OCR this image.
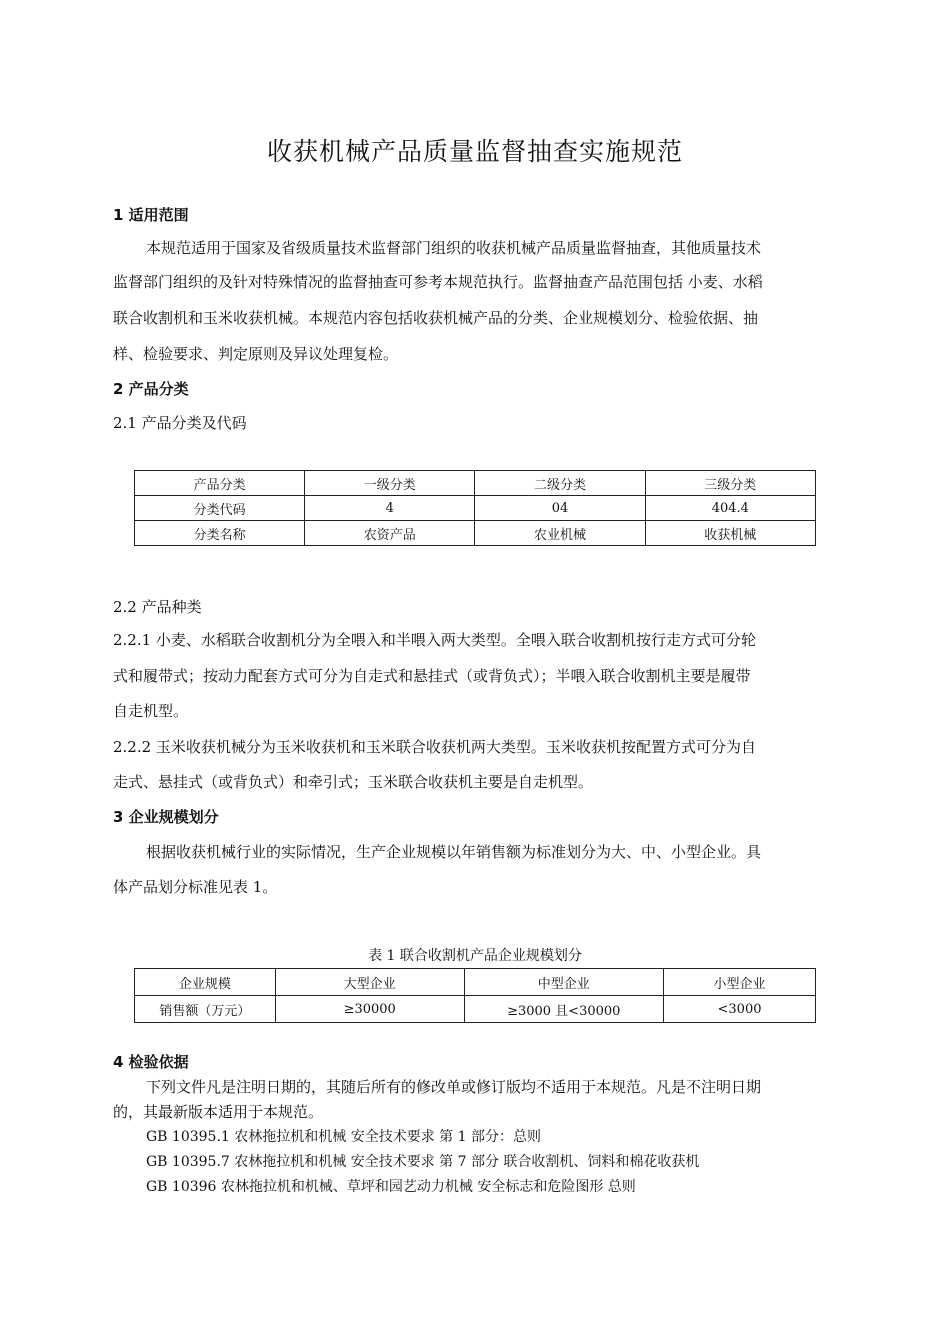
收获机械产品质量监督抽查实施规范
1 适用范围
本规范适用于国家及省级质量技术监督部门组织的收获机械产品质量监督抽查，其他质量技术
监督部门组织的及针对特殊情况的监督抽查可参考本规范执行。监督抽查产品范围包括 小麦、水稻
联合收割机和玉米收获机械。本规范内容包括收获机械产品的分类、企业规模划分、检验依据、抽
样、检验要求、判定原则及异议处理复检。
2 产品分类
2.1 产品分类及代码
产品分类	一级分类	二级分类	三级分类
分类代码	4	04	404.4
分类名称	农资产品	农业机械	收获机械
2.2 产品种类
2.2.1 小麦、水稻联合收割机分为全喂入和半喂入两大类型。全喂入联合收割机按行走方式可分轮
式和履带式；按动力配套方式可分为自走式和悬挂式（或背负式）；半喂入联合收割机主要是履带
自走机型。
2.2.2 玉米收获机械分为玉米收获机和玉米联合收获机两大类型。玉米收获机按配置方式可分为自
走式、悬挂式（或背负式）和牵引式；玉米联合收获机主要是自走机型。
3 企业规模划分
根据收获机械行业的实际情况，生产企业规模以年销售额为标准划分为大、中、小型企业。具
体产品划分标准见表 1。
表 1 联合收割机产品企业规模划分
企业规模	大型企业	中型企业	小型企业
销售额（万元）	≥30000	≥3000 且<30000	<3000
4 检验依据
下列文件凡是注明日期的，其随后所有的修改单或修订版均不适用于本规范。凡是不注明日期
的，其最新版本适用于本规范。
GB 10395.1 农林拖拉机和机械 安全技术要求 第 1 部分：总则
GB 10395.7 农林拖拉机和机械 安全技术要求 第 7 部分 联合收割机、饲料和棉花收获机
GB 10396 农林拖拉机和机械、草坪和园艺动力机械 安全标志和危险图形 总则
